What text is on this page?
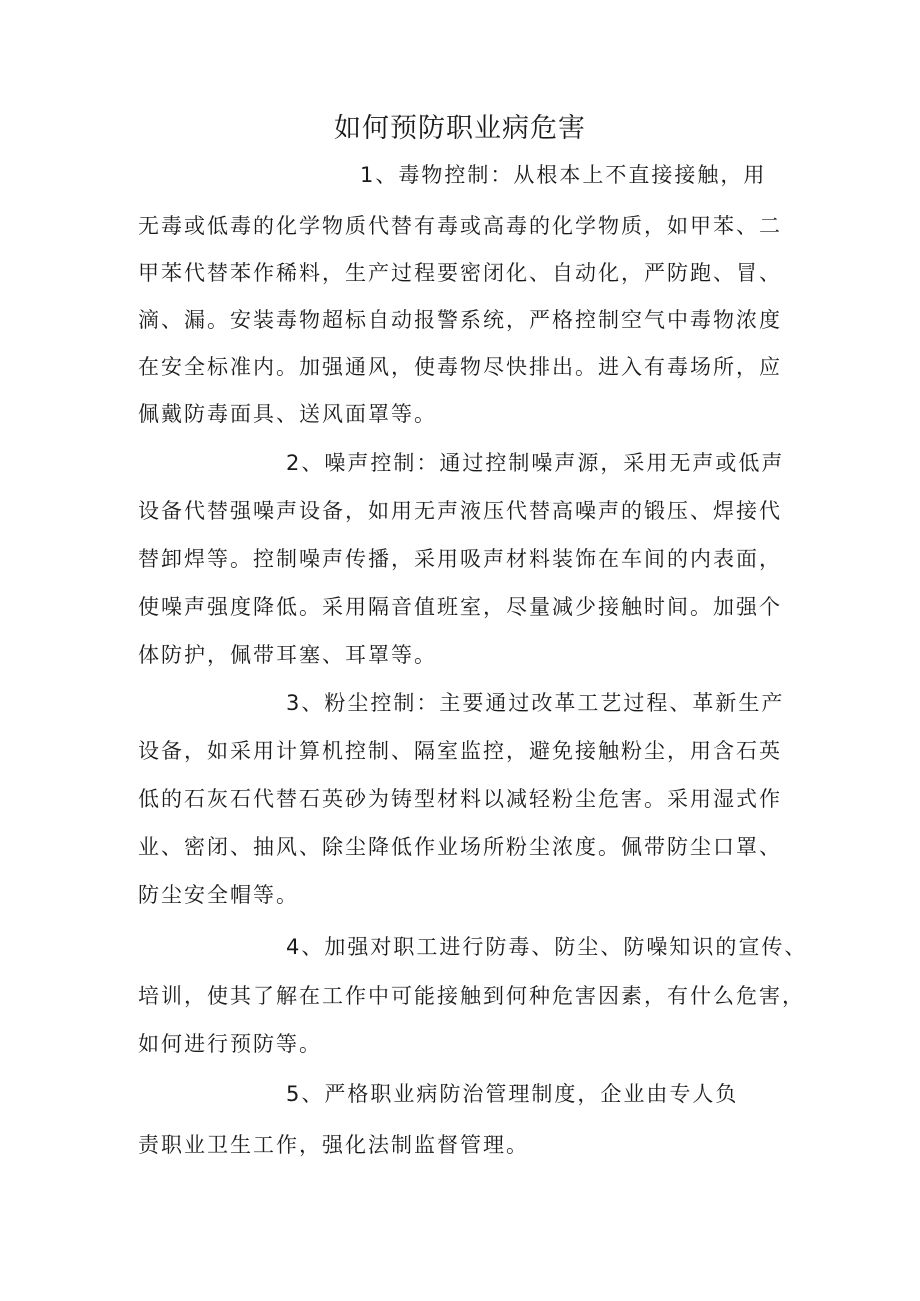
如何预防职业病危害
1、毒物控制：从根本上不直接接触，用
无毒或低毒的化学物质代替有毒或高毒的化学物质，如甲苯、二
甲苯代替苯作稀料，生产过程要密闭化、自动化，严防跑、冒、
滴、漏。安装毒物超标自动报警系统，严格控制空气中毒物浓度
在安全标准内。加强通风，使毒物尽快排出。进入有毒场所，应
佩戴防毒面具、送风面罩等。
2、噪声控制：通过控制噪声源，采用无声或低声
设备代替强噪声设备，如用无声液压代替高噪声的锻压、焊接代
替卸焊等。控制噪声传播，采用吸声材料装饰在车间的内表面，
使噪声强度降低。采用隔音值班室，尽量减少接触时间。加强个
体防护，佩带耳塞、耳罩等。
3、粉尘控制：主要通过改革工艺过程、革新生产
设备，如采用计算机控制、隔室监控，避免接触粉尘，用含石英
低的石灰石代替石英砂为铸型材料以减轻粉尘危害。采用湿式作
业、密闭、抽风、除尘降低作业场所粉尘浓度。佩带防尘口罩、
防尘安全帽等。
4、加强对职工进行防毒、防尘、防噪知识的宣传、
培训，使其了解在工作中可能接触到何种危害因素，有什么危害，
如何进行预防等。
5、严格职业病防治管理制度，企业由专人负
责职业卫生工作，强化法制监督管理。
